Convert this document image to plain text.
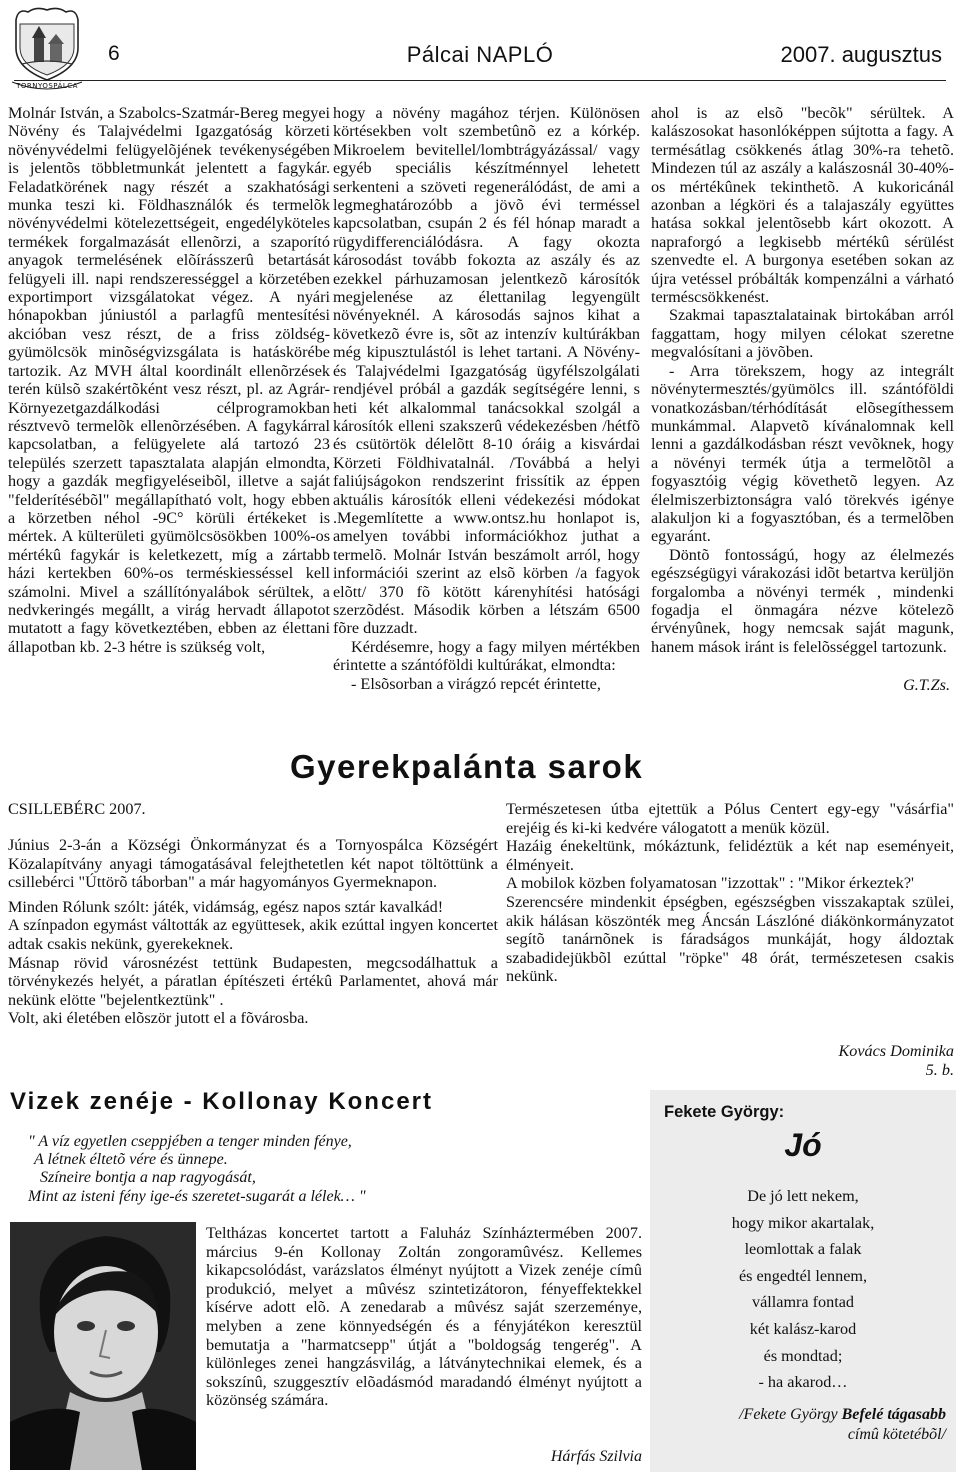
TORNYOSPÁLCA
6	Pálcai NAPLÓ	2007. augusztus

Molnár István, a Szabolcs-Szatmár-Bereg megyei Növény és Talajvédelmi Igazgatóság körzeti növényvédelmi felügyelõjének tevékenységében is jelentõs többletmunkát jelentett a fagykár. Feladatkörének nagy részét a szakhatósági munka teszi ki. Földhasználók és termelõk növényvédelmi kötelezettségeit, engedélyköteles termékek forgalmazását ellenõrzi, a szaporító anyagok termelésének elõírásszerû betartását felügyeli ill. napi rendszerességgel a körzetében exportimport vizsgálatokat végez. A nyári hónapokban júniustól a parlagfû mentesítési akcióban vesz részt, de a friss zöldség-gyümölcsök minõségvizsgálata is hatáskörébe tartozik. Az MVH által koordinált ellenõrzések terén külsõ szakértõként vesz részt, pl. az Agrár-Környezetgazdálkodási célprogramokban résztvevõ termelõk ellenõrzésében. A fagykárral kapcsolatban, a felügyelete alá tartozó 23 település szerzett tapasztalata alapján elmondta, hogy a gazdák megfigyeléseibõl, illetve a saját "felderítésébõl" megállapítható volt, hogy ebben a körzetben néhol -9C° körüli értékeket is mértek. A külterületi gyümölcsösökben 100%-os mértékû fagykár is keletkezett, míg a zártabb házi kertekben 60%-os terméskiesséssel kell számolni. Mivel a szállítónyalábok sérültek, a nedvkeringés megállt, a virág hervadt állapotot mutatott a fagy következtében, ebben az élettani állapotban kb. 2-3 hétre is szükség volt,

hogy a növény magához térjen. Különösen körtésekben volt szembetûnõ ez a kórkép. Mikroelem bevitellel/lombtrágyázással/ vagy egyéb speciális készítménnyel lehetett serkenteni a szöveti regenerálódást, de ami a legmeghatározóbb a jövõ évi terméssel kapcsolatban, csupán 2 és fél hónap maradt a rügydifferenciálódásra. A fagy okozta károsodást tovább fokozta az aszály és az ezekkel párhuzamosan jelentkezõ károsítók megjelenése az élettanilag legyengült növényeknél. A károsodás sajnos kihat a következõ évre is, sõt az intenzív kultúrákban még kipusztulástól is lehet tartani. A Növény- és Talajvédelmi Igazgatóság ügyfélszolgálati rendjével próbál a gazdák segítségére lenni, s heti két alkalommal tanácsokkal szolgál a károsítók elleni szakszerû védekezésben /hétfõ és csütörtök délelõtt 8-10 óráig a kisvárdai Körzeti Földhivatalnál. /Továbbá a helyi faliújságokon rendszerint frissítik az éppen aktuális károsítók elleni védekezési módokat .Megemlítette a www.ontsz.hu honlapot is, amelyen további információkhoz juthat a termelõ. Molnár István beszámolt arról, hogy információi szerint az elsõ körben /a fagyok elõtt/ 370 fõ kötött kárenyhítési hatósági szerzõdést. Második körben a létszám 6500 fõre duzzadt.

Kérdésemre, hogy a fagy milyen mértékben érintette a szántóföldi kultúrákat, elmondta:

- Elsõsorban a virágzó repcét érintette,

ahol is az elsõ "becõk" sérültek. A kalászosokat hasonlóképpen sújtotta a fagy. A termésátlag csökkenés átlag 30%-ra tehetõ. Mindezen túl az aszály a kalászosnál 30-40%-os mértékûnek tekinthetõ. A kukoricánál azonban a légköri és a talajaszály együttes hatása sokkal jelentõsebb kárt okozott. A napraforgó a legkisebb mértékû sérülést szenvedte el. A burgonya esetében sokan az újra vetéssel próbálták kompenzálni a várható terméscsökkenést.

Szakmai tapasztalatainak birtokában arról faggattam, hogy milyen célokat szeretne megvalósítani a jövõben.

- Arra törekszem, hogy az integrált növénytermesztés/gyümölcs ill. szántóföldi vonatkozásban/térhódítását elõsegíthessem munkámmal. Alapvetõ kívánalomnak kell lenni a gazdálkodásban részt vevõknek, hogy a növényi termék útja a termelõtõl a fogyasztóig végig követhetõ legyen. Az élelmiszerbiztonságra való törekvés igénye alakuljon ki a fogyasztóban, és a termelõben egyaránt.

Döntõ fontosságú, hogy az élelmezés egészségügyi várakozási idõt betartva kerüljön forgalomba a növényi termék , mindenki fogadja el önmagára nézve kötelezõ érvényûnek, hogy nemcsak saját magunk, hanem mások iránt is felelõsséggel tartozunk.

G.T.Zs.

Gyerekpalánta sarok
CSILLEBÉRC 2007.

Június 2-3-án a Községi Önkormányzat és a Tornyospálca Községért Közalapítvány anyagi támogatásával felejthetetlen két napot töltöttünk a csillebérci "Úttörõ táborban" a már hagyományos Gyermeknapon.

Minden Rólunk szólt: játék, vidámság, egész napos sztár kavalkád!

A színpadon egymást váltották az együttesek, akik ezúttal ingyen koncertet adtak csakis nekünk, gyerekeknek.

Másnap rövid városnézést tettünk Budapesten, megcsodálhattuk a törvénykezés helyét, a páratlan építészeti értékû Parlamentet, ahová már nekünk elötte "bejelentkeztünk" .

Volt, aki életében elõször jutott el a fõvárosba.

Természetesen útba ejtettük a Pólus Centert egy-egy "vásárfia" erejéig és ki-ki kedvére válogatott a menük közül.

Hazáig énekeltünk, mókáztunk, felidéztük a két nap eseményeit, élményeit.

A mobilok közben folyamatosan "izzottak" : "Mikor érkeztek?'

Szerencsére mindenkit épségben, egészségben visszakaptak szülei, akik hálásan köszönték meg Áncsán Lászlóné diákönkormányzatot segítõ tanárnõnek is fáradságos munkáját, hogy áldoztak szabadidejükbõl ezúttal "röpke" 48 órát, természetesen csakis nekünk.

Kovács Dominika
5. b.
Vizek zenéje - Kollonay Koncert
" A víz egyetlen cseppjében a tenger minden fénye,
A létnek éltetõ vére és ünnepe.
Színeire bontja a nap ragyogását,
Mint az isteni fény ige-és szeretet-sugarát a lélek… "

Teltházas koncertet tartott a Faluház Színháztermében 2007. március 9-én Kollonay Zoltán zongoramûvész. Kellemes kikapcsolódást, varázslatos élményt nyújtott a Vizek zenéje címû produkció, melyet a mûvész szintetizátoron, fényeffektekkel kísérve adott elõ. A zenedarab a mûvész saját szerzeménye, melyben a zene könnyedségén és a fényjátékon keresztül bemutatja a "harmatcsepp" útját a "boldogság tengerég". A különleges zenei hangzásvilág, a látványtechnikai elemek, és a sokszínû, szuggesztív elõadásmód maradandó élményt nyújtott a közönség számára.

Hárfás Szilvia
Fekete György:
Jó
De jó lett nekem,
hogy mikor akartalak,
leomlottak a falak
és engedtél lennem,
vállamra fontad
két kalász-karod
és mondtad;
- ha akarod…
/Fekete György Befelé tágasabb
címû kötetébõl/
